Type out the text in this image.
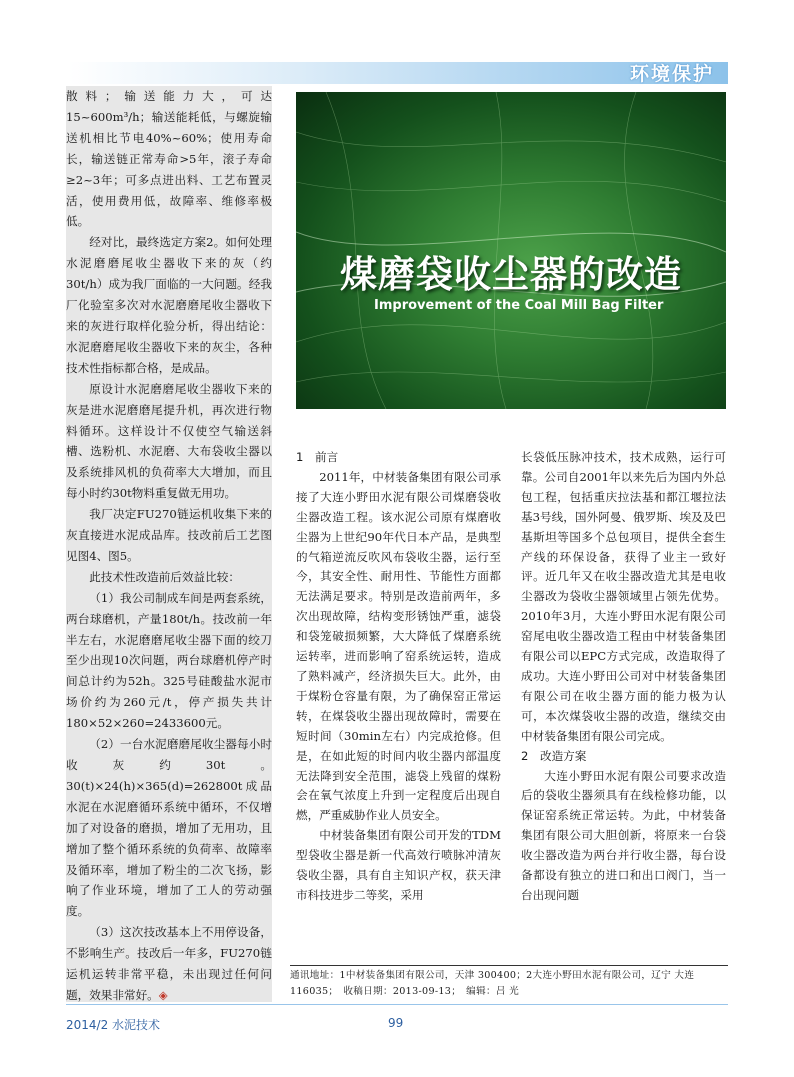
环境保护

散料；输送能力大，可达15~600m³/h；输送能耗低，与螺旋输送机相比节电40%~60%；使用寿命长，输送链正常寿命>5年，滚子寿命≥2~3年；可多点进出料、工艺布置灵活，使用费用低，故障率、维修率极低。

经对比，最终选定方案2。如何处理水泥磨磨尾收尘器收下来的灰（约30t/h）成为我厂面临的一大问题。经我厂化验室多次对水泥磨磨尾收尘器收下来的灰进行取样化验分析，得出结论：水泥磨磨尾收尘器收下来的灰尘，各种技术性指标都合格，是成品。

原设计水泥磨磨尾收尘器收下来的灰是进水泥磨磨尾提升机，再次进行物料循环。这样设计不仅使空气输送斜槽、选粉机、水泥磨、大布袋收尘器以及系统排风机的负荷率大大增加，而且每小时约30t物料重复做无用功。

我厂决定FU270链运机收集下来的灰直接进水泥成品库。技改前后工艺图见图4、图5。

此技术性改造前后效益比较：

（1）我公司制成车间是两套系统，两台球磨机，产量180t/h。技改前一年半左右，水泥磨磨尾收尘器下面的绞刀至少出现10次问题，两台球磨机停产时间总计约为52h。325号硅酸盐水泥市场价约为260元/t，停产损失共计180×52×260=2433600元。

（2）一台水泥磨磨尾收尘器每小时收灰约30t。30(t)×24(h)×365(d)=262800t成品水泥在水泥磨循环系统中循环，不仅增加了对设备的磨损，增加了无用功，且增加了整个循环系统的负荷率、故障率及循环率，增加了粉尘的二次飞扬，影响了作业环境，增加了工人的劳动强度。

（3）这次技改基本上不用停设备，不影响生产。技改后一年多，FU270链运机运转非常平稳，未出现过任何问题，效果非常好。◈

煤磨袋收尘器的改造
Improvement of the Coal Mill Bag Filter

1　前言

2011年，中材装备集团有限公司承接了大连小野田水泥有限公司煤磨袋收尘器改造工程。该水泥公司原有煤磨收尘器为上世纪90年代日本产品，是典型的气箱逆流反吹风布袋收尘器，运行至今，其安全性、耐用性、节能性方面都无法满足要求。特别是改造前两年，多次出现故障，结构变形锈蚀严重，滤袋和袋笼破损频繁，大大降低了煤磨系统运转率，进而影响了窑系统运转，造成了熟料减产，经济损失巨大。此外，由于煤粉仓容量有限，为了确保窑正常运转，在煤袋收尘器出现故障时，需要在短时间（30min左右）内完成抢修。但是，在如此短的时间内收尘器内部温度无法降到安全范围，滤袋上残留的煤粉会在氧气浓度上升到一定程度后出现自燃，严重威胁作业人员安全。

中材装备集团有限公司开发的TDM型袋收尘器是新一代高效行喷脉冲清灰袋收尘器，具有自主知识产权，获天津市科技进步二等奖，采用

长袋低压脉冲技术，技术成熟，运行可靠。公司自2001年以来先后为国内外总包工程，包括重庆拉法基和都江堰拉法基3号线，国外阿曼、俄罗斯、埃及及巴基斯坦等国多个总包项目，提供全套生产线的环保设备，获得了业主一致好评。近几年又在收尘器改造尤其是电收尘器改为袋收尘器领域里占领先优势。2010年3月，大连小野田水泥有限公司窑尾电收尘器改造工程由中材装备集团有限公司以EPC方式完成，改造取得了成功。大连小野田公司对中材装备集团有限公司在收尘器方面的能力极为认可，本次煤袋收尘器的改造，继续交由中材装备集团有限公司完成。

2　改造方案

大连小野田水泥有限公司要求改造后的袋收尘器须具有在线检修功能，以保证窑系统正常运转。为此，中材装备集团有限公司大胆创新，将原来一台袋收尘器改造为两台并行收尘器，每台设备都设有独立的进口和出口阀门，当一台出现问题

通讯地址：1中材装备集团有限公司，天津 300400；2大连小野田水泥有限公司，辽宁 大连 116035；　收稿日期：2013-09-13；　编辑：吕 光

2014/2 水泥技术	99
